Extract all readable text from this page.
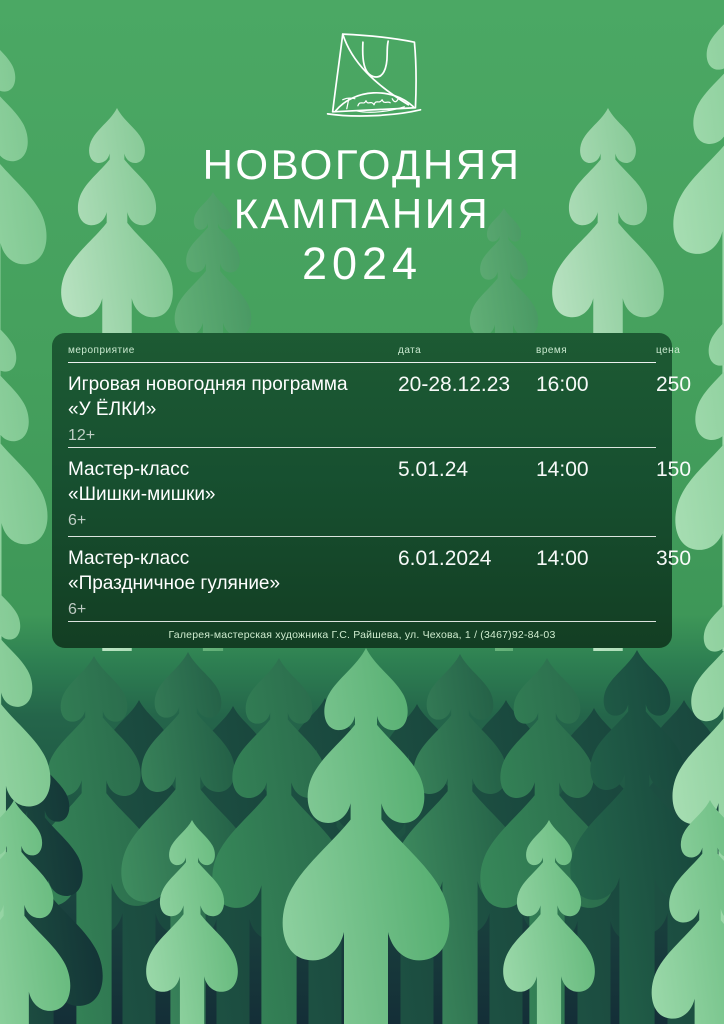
НОВОГОДНЯЯ
КАМПАНИЯ
2024
мероприятие	дата	время	цена
Игровая новогодняя программа
«У ЁЛКИ»
12+
20-28.12.23	16:00	250
Мастер-класс
«Шишки-мишки»
6+
5.01.24	14:00	150
Мастер-класс
«Праздничное гуляние»
6+
6.01.2024	14:00	350
Галерея-мастерская художника Г.С. Райшева, ул. Чехова, 1 / (3467)92-84-03
